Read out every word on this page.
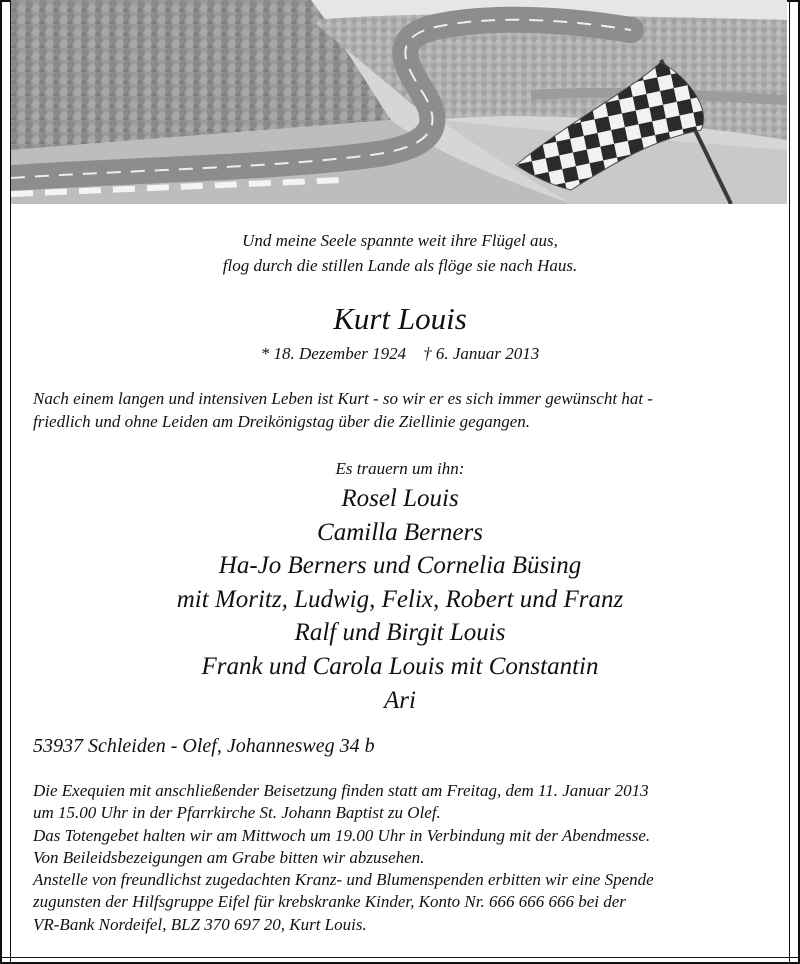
Und meine Seele spannte weit ihre Flügel aus,
flog durch die stillen Lande als flöge sie nach Haus.
Kurt Louis
* 18. Dezember 1924 † 6. Januar 2013
Nach einem langen und intensiven Leben ist Kurt - so wir er es sich immer gewünscht hat -
friedlich und ohne Leiden am Dreikönigstag über die Ziellinie gegangen.
Es trauern um ihn:
Rosel Louis
Camilla Berners
Ha-Jo Berners und Cornelia Büsing
mit Moritz, Ludwig, Felix, Robert und Franz
Ralf und Birgit Louis
Frank und Carola Louis mit Constantin
Ari
53937 Schleiden - Olef, Johannesweg 34 b
Die Exequien mit anschließender Beisetzung finden statt am Freitag, dem 11. Januar 2013
um 15.00 Uhr in der Pfarrkirche St. Johann Baptist zu Olef.
Das Totengebet halten wir am Mittwoch um 19.00 Uhr in Verbindung mit der Abendmesse.
Von Beileidsbezeigungen am Grabe bitten wir abzusehen.
Anstelle von freundlichst zugedachten Kranz- und Blumenspenden erbitten wir eine Spende
zugunsten der Hilfsgruppe Eifel für krebskranke Kinder, Konto Nr. 666 666 666 bei der
VR-Bank Nordeifel, BLZ 370 697 20, Kurt Louis.
